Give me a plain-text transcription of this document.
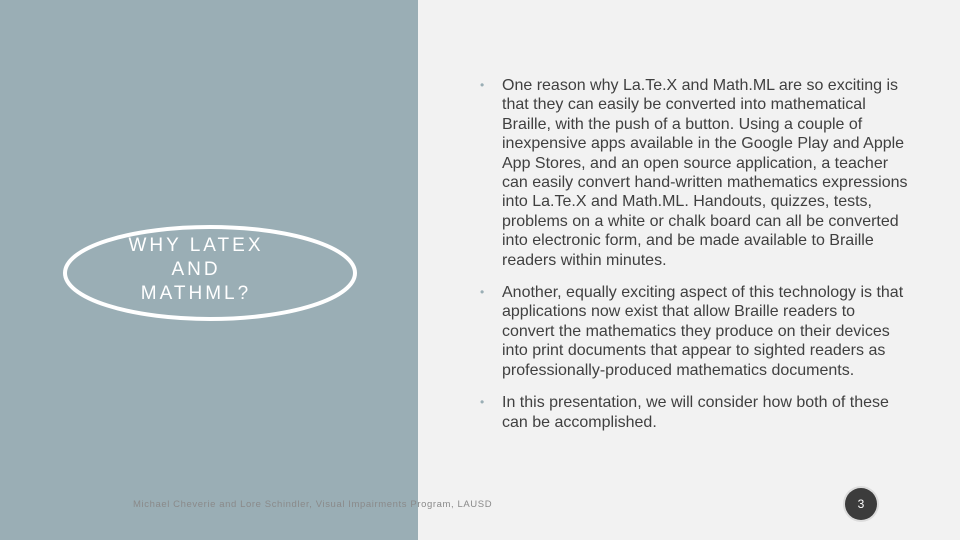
WHY LATEX
AND
MATHML?
• One reason why La.Te.X and Math.ML are so exciting is that they can easily be converted into mathematical Braille, with the push of a button. Using a couple of inexpensive apps available in the Google Play and Apple App Stores, and an open source application, a teacher can easily convert hand-written mathematics expressions into La.Te.X and Math.ML. Handouts, quizzes, tests, problems on a white or chalk board can all be converted into electronic form, and be made available to Braille readers within minutes.
• Another, equally exciting aspect of this technology is that applications now exist that allow Braille readers to convert the mathematics they produce on their devices into print documents that appear to sighted readers as professionally-produced mathematics documents.
• In this presentation, we will consider how both of these can be accomplished.
Michael Cheverie and Lore Schindler, Visual Impairments Program, LAUSD	3
